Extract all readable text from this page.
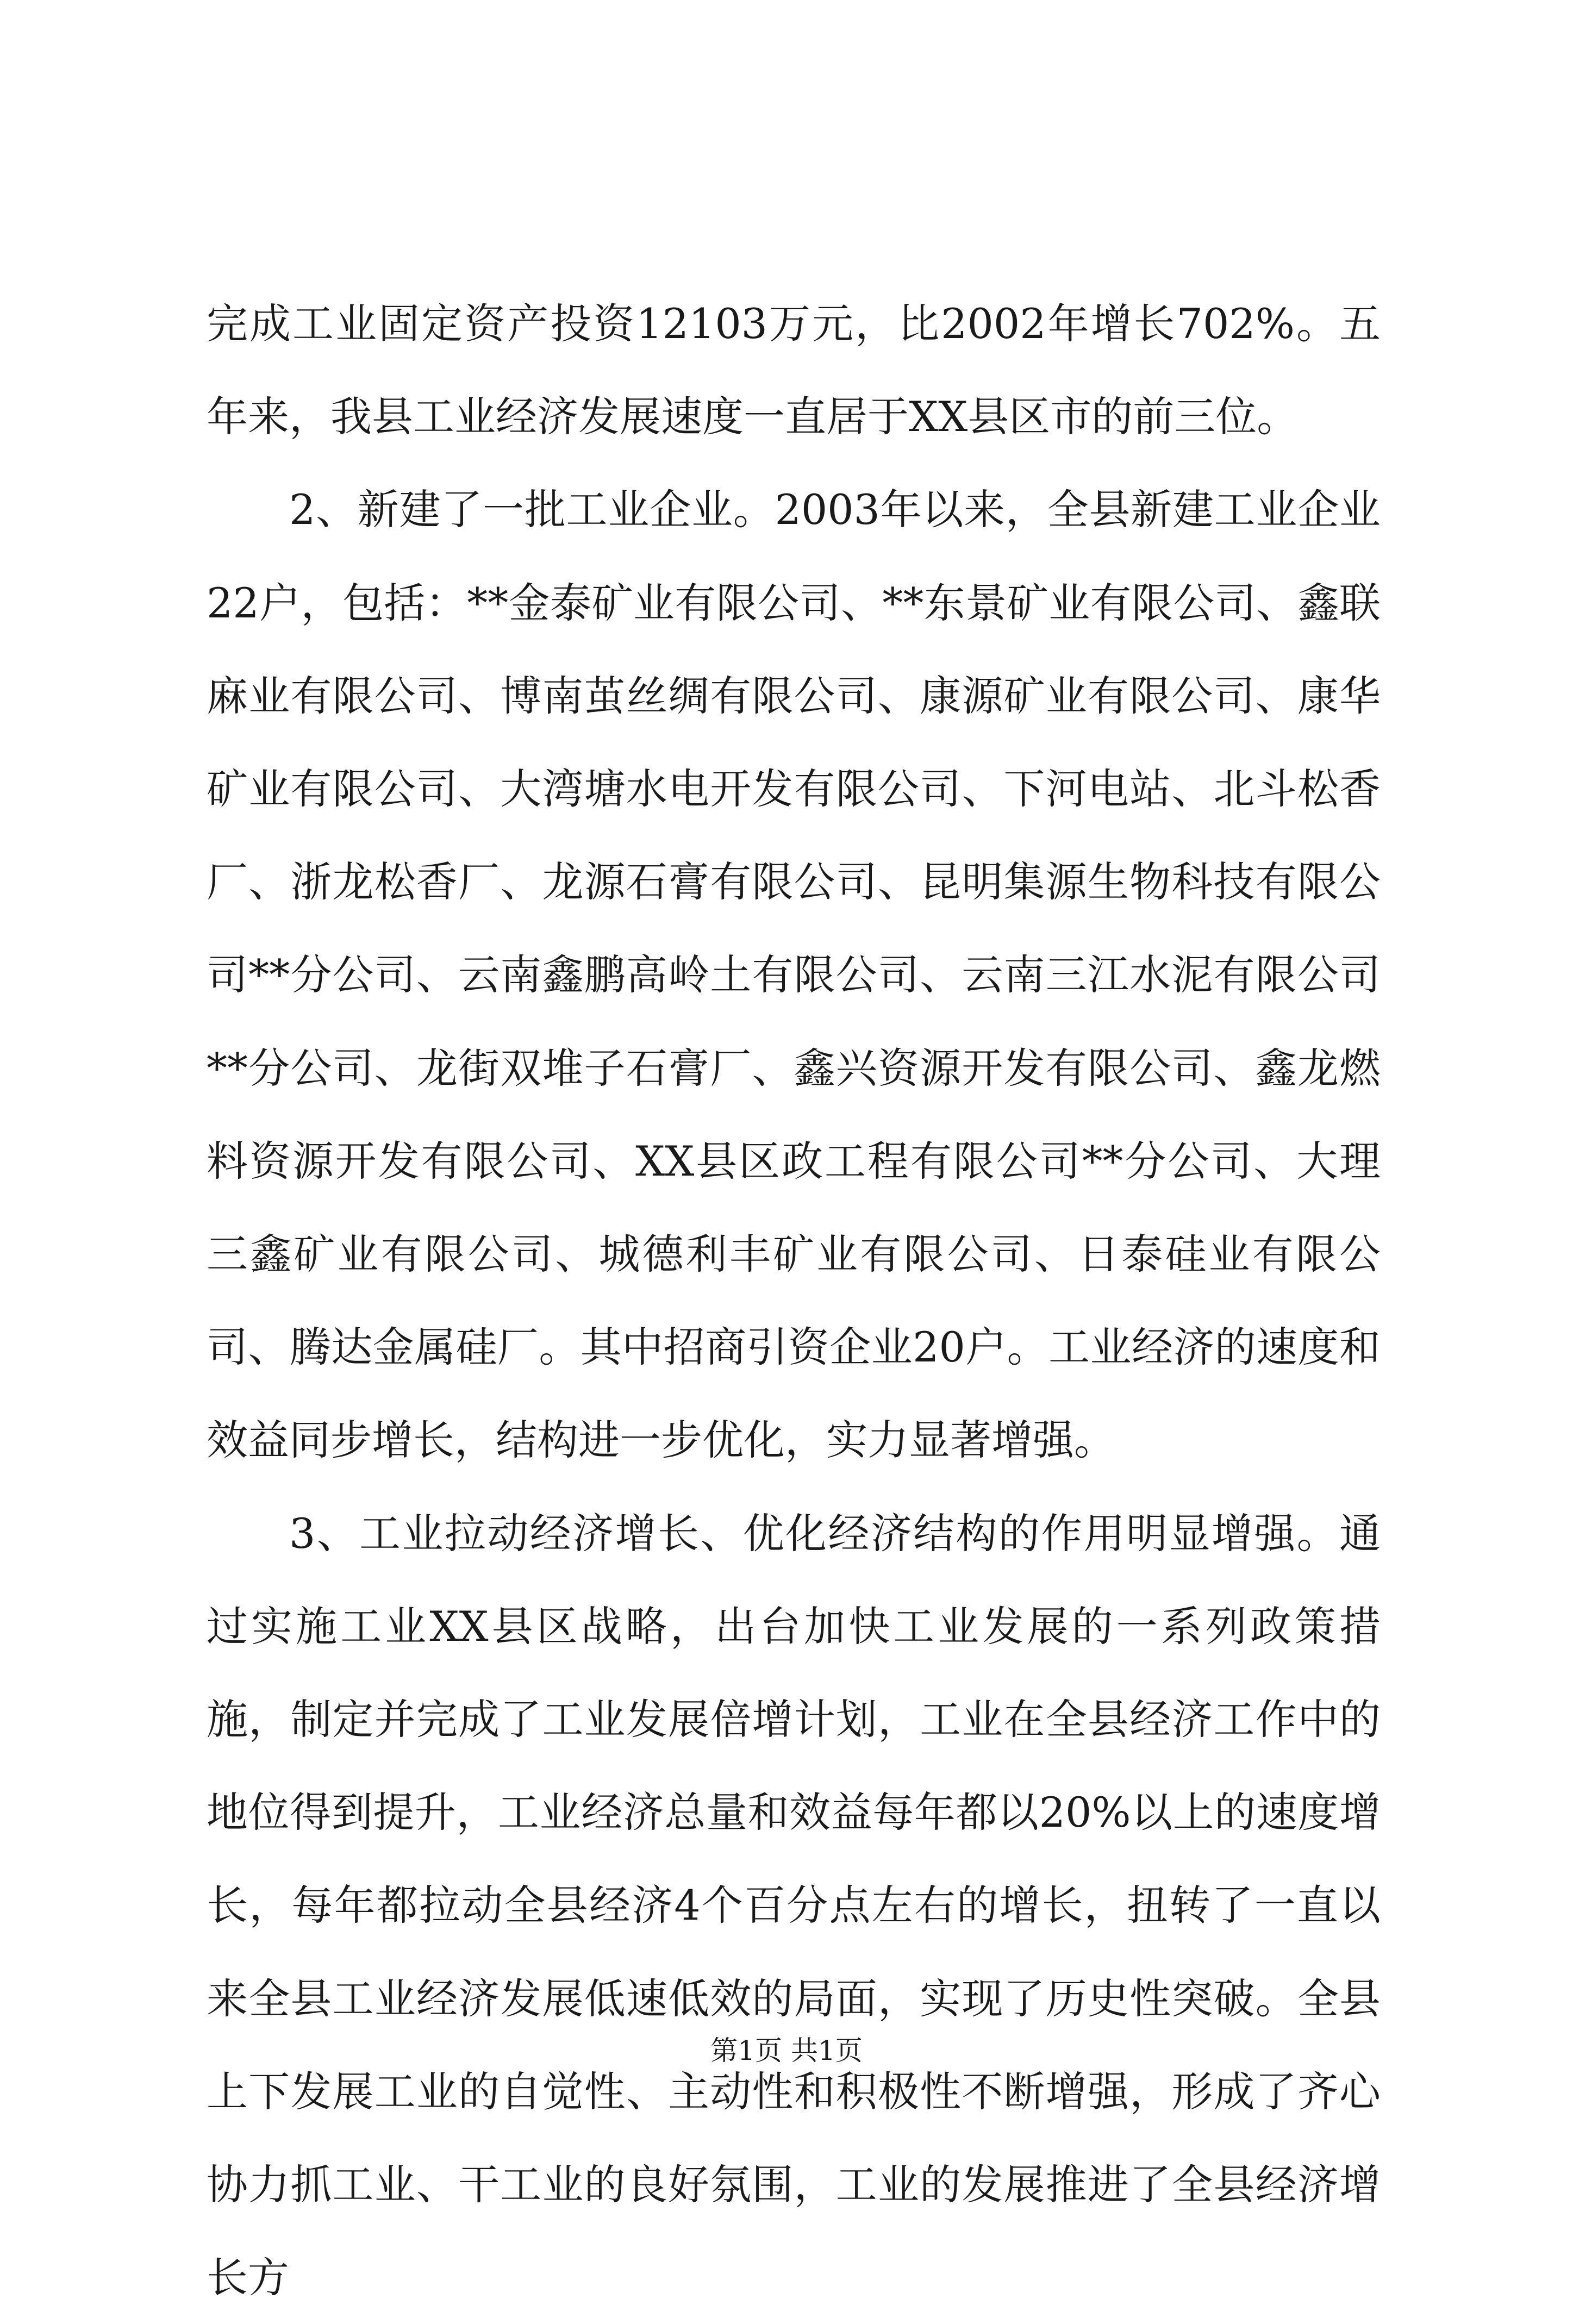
完成工业固定资产投资12103万元，比2002年增长702%。五年来，我县工业经济发展速度一直居于XX县区市的前三位。

2、新建了一批工业企业。2003年以来，全县新建工业企业22户，包括：**金泰矿业有限公司、**东景矿业有限公司、鑫联麻业有限公司、博南茧丝绸有限公司、康源矿业有限公司、康华矿业有限公司、大湾塘水电开发有限公司、下河电站、北斗松香厂、浙龙松香厂、龙源石膏有限公司、昆明集源生物科技有限公司**分公司、云南鑫鹏高岭土有限公司、云南三江水泥有限公司**分公司、龙街双堆子石膏厂、鑫兴资源开发有限公司、鑫龙燃料资源开发有限公司、XX县区政工程有限公司**分公司、大理三鑫矿业有限公司、城德利丰矿业有限公司、日泰硅业有限公司、腾达金属硅厂。其中招商引资企业20户。工业经济的速度和效益同步增长，结构进一步优化，实力显著增强。

3、工业拉动经济增长、优化经济结构的作用明显增强。通过实施工业XX县区战略，出台加快工业发展的一系列政策措施，制定并完成了工业发展倍增计划，工业在全县经济工作中的地位得到提升，工业经济总量和效益每年都以20%以上的速度增长，每年都拉动全县经济4个百分点左右的增长，扭转了一直以来全县工业经济发展低速低效的局面，实现了历史性突破。全县上下发展工业的自觉性、主动性和积极性不断增强，形成了齐心协力抓工业、干工业的良好氛围，工业的发展推进了全县经济增长方

第1页 共1页
